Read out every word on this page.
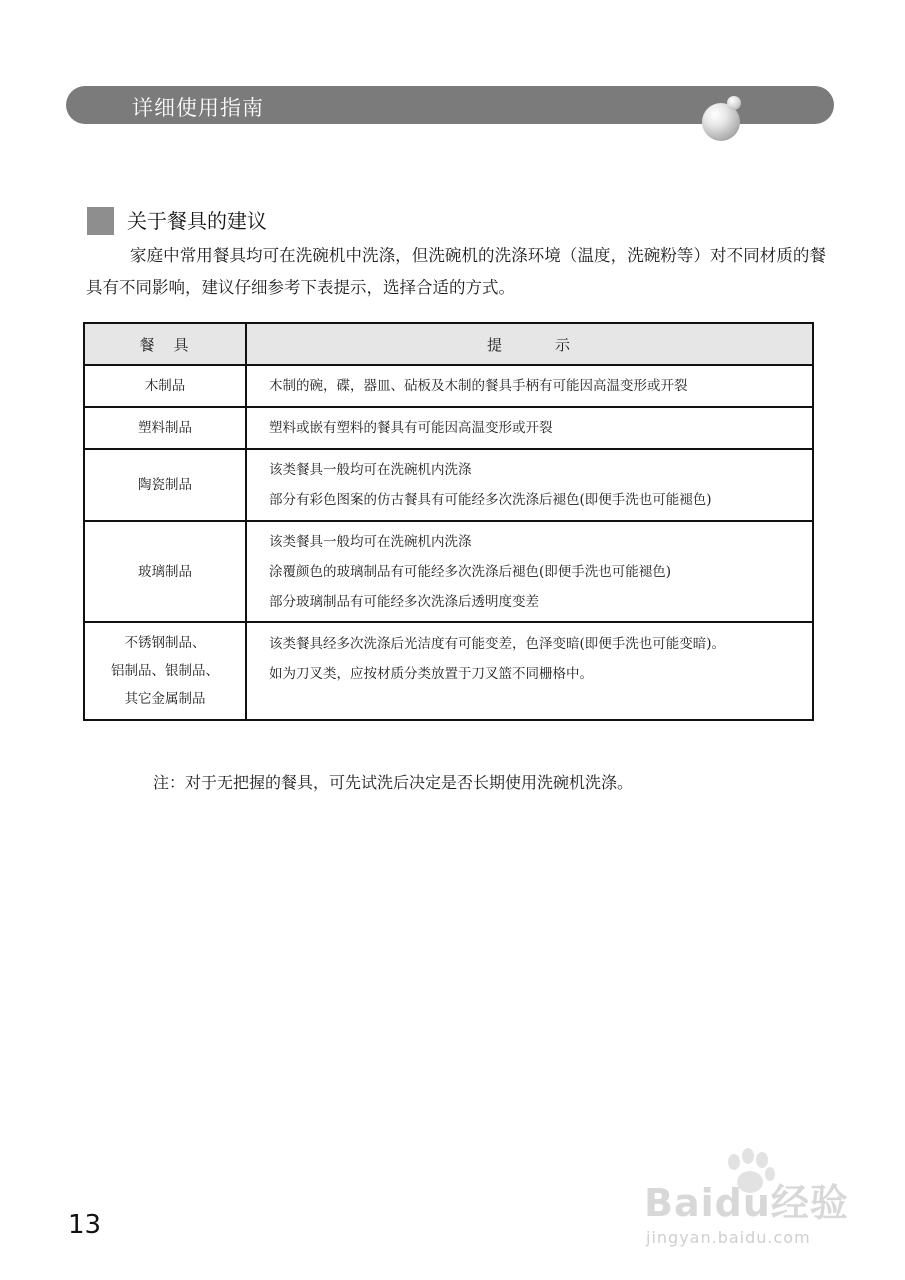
详细使用指南
关于餐具的建议
家庭中常用餐具均可在洗碗机中洗涤，但洗碗机的洗涤环境（温度，洗碗粉等）对不同材质的餐具有不同影响，建议仔细参考下表提示，选择合适的方式。
餐　具	提　　　示

木制品	木制的碗，碟，器皿、砧板及木制的餐具手柄有可能因高温变形或开裂

塑料制品	塑料或嵌有塑料的餐具有可能因高温变形或开裂

陶瓷制品	该类餐具一般均可在洗碗机内洗涤
部分有彩色图案的仿古餐具有可能经多次洗涤后褪色(即便手洗也可能褪色)

玻璃制品	该类餐具一般均可在洗碗机内洗涤
涂覆颜色的玻璃制品有可能经多次洗涤后褪色(即便手洗也可能褪色)
部分玻璃制品有可能经多次洗涤后透明度变差

不锈钢制品、
铝制品、银制品、
其它金属制品	该类餐具经多次洗涤后光洁度有可能变差，色泽变暗(即便手洗也可能变暗)。
如为刀叉类，应按材质分类放置于刀叉篮不同栅格中。
注：对于无把握的餐具，可先试洗后决定是否长期使用洗碗机洗涤。
13	Baidu经验
jingyan.baidu.com
